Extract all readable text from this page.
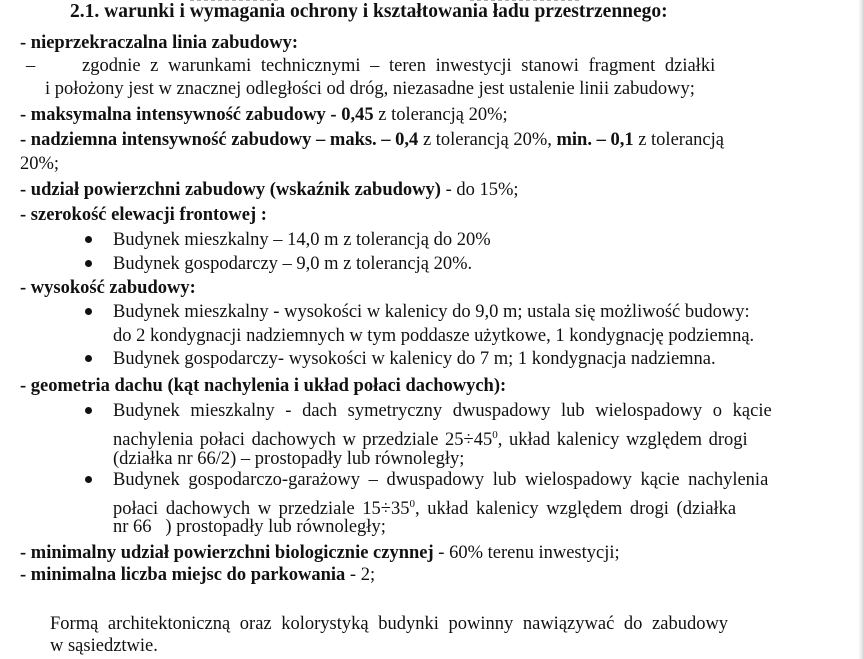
2.1. warunki i wymagania ochrony i kształtowania ładu przestrzennego:
- nieprzekraczalna linia zabudowy:
–	zgodnie z warunkami technicznymi – teren inwestycji stanowi fragment działki
i położony jest w znacznej odległości od dróg, niezasadne jest ustalenie linii zabudowy;
- maksymalna intensywność zabudowy - 0,45 z tolerancją 20%;
- nadziemna intensywność zabudowy – maks. – 0,4 z tolerancją 20%, min. – 0,1 z tolerancją
20%;
- udział powierzchni zabudowy (wskaźnik zabudowy) - do 15%;
- szerokość elewacji frontowej :
Budynek mieszkalny – 14,0 m z tolerancją do 20%
Budynek gospodarczy – 9,0 m z tolerancją 20%.
- wysokość zabudowy:
Budynek mieszkalny - wysokości w kalenicy do 9,0 m; ustala się możliwość budowy:
do 2 kondygnacji nadziemnych w tym poddasze użytkowe, 1 kondygnację podziemną.
Budynek gospodarczy- wysokości w kalenicy do 7 m; 1 kondygnacja nadziemna.
- geometria dachu (kąt nachylenia i układ połaci dachowych):
Budynek mieszkalny - dach symetryczny dwuspadowy lub wielospadowy o kącie
nachylenia połaci dachowych w przedziale $25\div 45^0$, układ kalenicy względem drogi
(działka nr 66/2) – prostopadły lub równoległy;
Budynek gospodarczo-garażowy – dwuspadowy lub wielospadowy kącie nachylenia
połaci dachowych w przedziale $15\div 35^0$, układ kalenicy względem drogi (działka
nr 66   ) prostopadły lub równoległy;
- minimalny udział powierzchni biologicznie czynnej - 60% terenu inwestycji;
- minimalna liczba miejsc do parkowania - 2;
Formą architektoniczną oraz kolorystyką budynki powinny nawiązywać do zabudowy
w sąsiedztwie.
